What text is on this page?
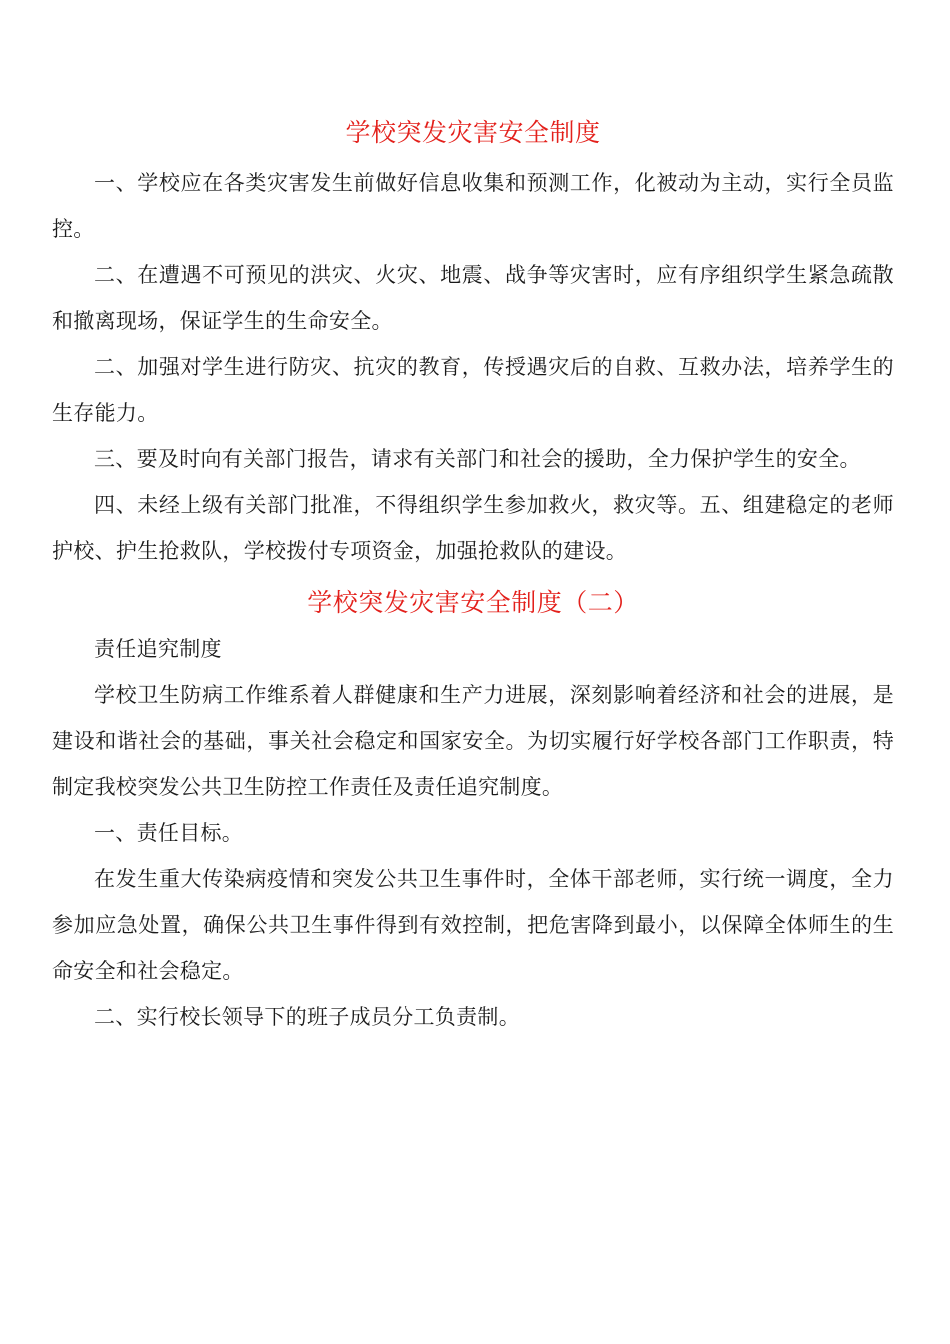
学校突发灾害安全制度

一、学校应在各类灾害发生前做好信息收集和预测工作，化被动为主动，实行全员监控。

二、在遭遇不可预见的洪灾、火灾、地震、战争等灾害时，应有序组织学生紧急疏散和撤离现场，保证学生的生命安全。

二、加强对学生进行防灾、抗灾的教育，传授遇灾后的自救、互救办法，培养学生的生存能力。

三、要及时向有关部门报告，请求有关部门和社会的援助，全力保护学生的安全。

四、未经上级有关部门批准，不得组织学生参加救火，救灾等。五、组建稳定的老师护校、护生抢救队，学校拨付专项资金，加强抢救队的建设。

学校突发灾害安全制度（二）

责任追究制度

学校卫生防病工作维系着人群健康和生产力进展，深刻影响着经济和社会的进展，是建设和谐社会的基础，事关社会稳定和国家安全。为切实履行好学校各部门工作职责，特制定我校突发公共卫生防控工作责任及责任追究制度。

一、责任目标。

在发生重大传染病疫情和突发公共卫生事件时，全体干部老师，实行统一调度，全力参加应急处置，确保公共卫生事件得到有效控制，把危害降到最小，以保障全体师生的生命安全和社会稳定。

二、实行校长领导下的班子成员分工负责制。
